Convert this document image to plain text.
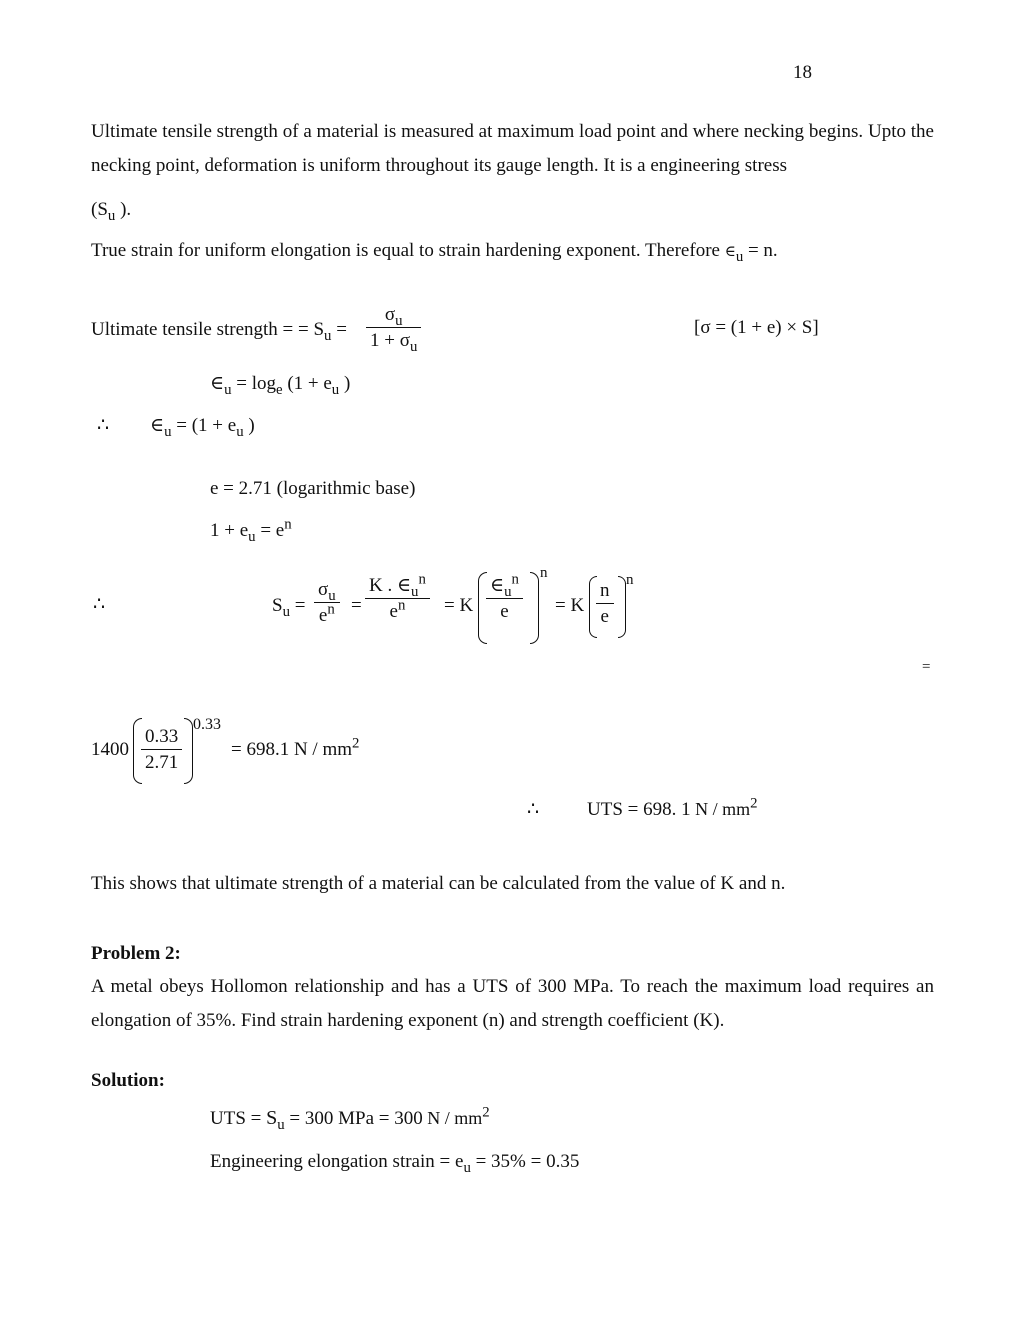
18
Ultimate tensile strength of a material is measured at maximum load point and where necking begins. Upto the necking point, deformation is uniform throughout its gauge length. It is a engineering stress
($S_u$ ).
True strain for uniform elongation is equal to strain hardening exponent. Therefore $\in_u = n$.
Ultimate tensile strength = = $S_u$ =
$\sigma_u$
$1 + \sigma_u$
[σ = (1 + e) × S]
$\in_u = \log_e (1 + e_u$ )
∴ $\in_u = (1 + e_u$ )
e = 2.71 (logarithmic base)
$1 + e_u = e^n$
∴	$S_u$ =
$\sigma_u$
$e^n$ =
K . $\in_u^n$
$e^n$	= K
$\in_u^n$
e
n
= K
n
e
n
=
1400
0.33
2.71
0.33
= 698.1 N / $mm^2$
∴	UTS = 698. 1 N / $mm^2$
This shows that ultimate strength of a material can be calculated from the value of K and n.
Problem 2:
A metal obeys Hollomon relationship and has a UTS of 300 MPa. To reach the maximum load requires an elongation of 35%. Find strain hardening exponent (n) and strength coefficient (K).
Solution:
UTS = $S_u = 300$ MPa = 300 N / $mm^2$
Engineering elongation strain = $e_u = 35\% = 0.35$
